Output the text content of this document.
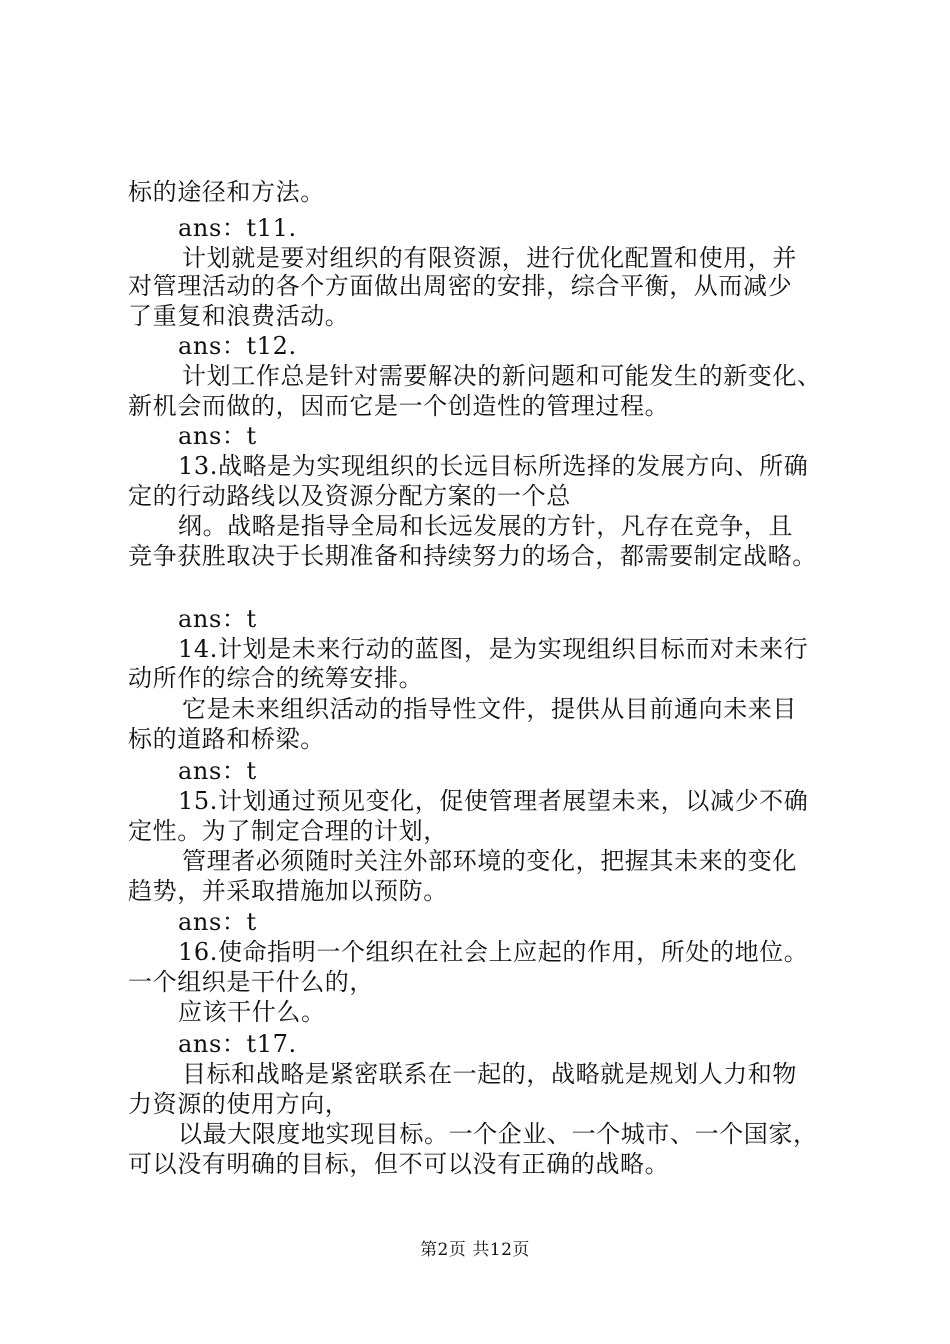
标的途径和方法。
ans：t11.
计划就是要对组织的有限资源，进行优化配置和使用，并
对管理活动的各个方面做出周密的安排，综合平衡，从而减少
了重复和浪费活动。
ans：t12.
计划工作总是针对需要解决的新问题和可能发生的新变化、
新机会而做的，因而它是一个创造性的管理过程。
ans：t
13.战略是为实现组织的长远目标所选择的发展方向、所确
定的行动路线以及资源分配方案的一个总
纲。战略是指导全局和长远发展的方针，凡存在竞争，且
竞争获胜取决于长期准备和持续努力的场合，都需要制定战略。
ans：t
14.计划是未来行动的蓝图，是为实现组织目标而对未来行
动所作的综合的统筹安排。
它是未来组织活动的指导性文件，提供从目前通向未来目
标的道路和桥梁。
ans：t
15.计划通过预见变化，促使管理者展望未来，以减少不确
定性。为了制定合理的计划，
管理者必须随时关注外部环境的变化，把握其未来的变化
趋势，并采取措施加以预防。
ans：t
16.使命指明一个组织在社会上应起的作用，所处的地位。
一个组织是干什么的，
应该干什么。
ans：t17.
目标和战略是紧密联系在一起的，战略就是规划人力和物
力资源的使用方向，
以最大限度地实现目标。一个企业、一个城市、一个国家，
可以没有明确的目标，但不可以没有正确的战略。
第2页 共12页
